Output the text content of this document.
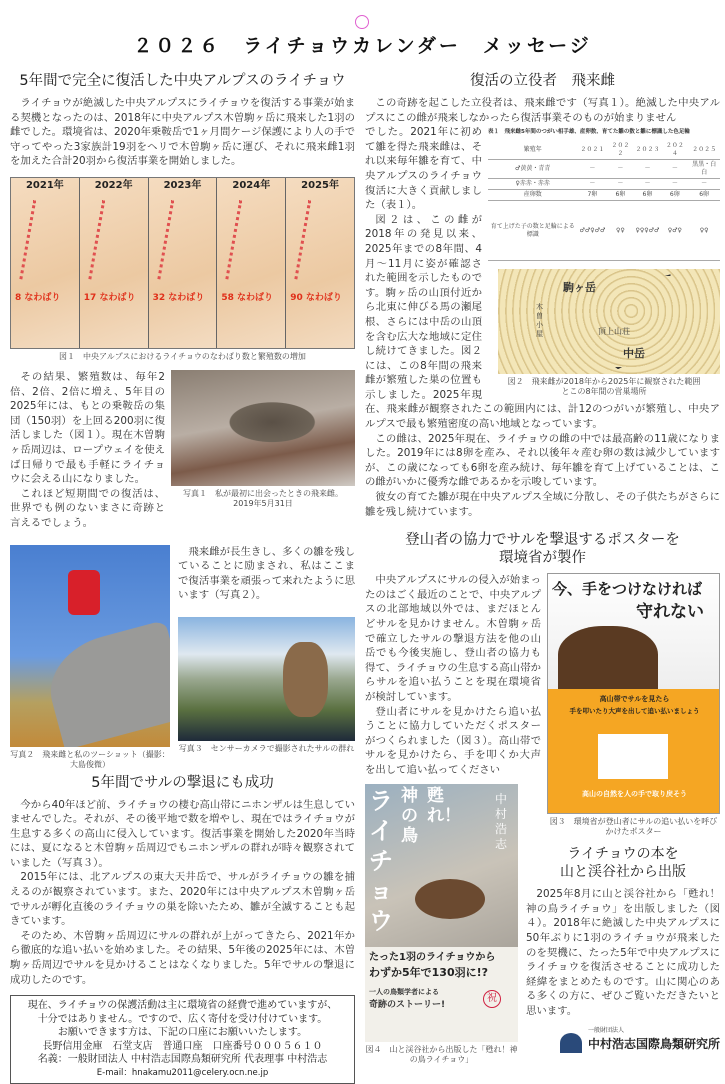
２０２６　ライチョウカレンダー　メッセージ
5年間で完全に復活した中央アルプスのライチョウ

ライチョウが絶滅した中央アルプスにライチョウを復活する事業が始まる契機となったのは、2018年に中央アルプス木曽駒ヶ岳に飛来した1羽の雌でした。環境省は、2020年乗鞍岳で1ヶ月間ケージ保護により人の手で守ってやった3家族計19羽をヘリで木曽駒ヶ岳に運び、それに飛来雌1羽を加えた合計20羽から復活事業を開始しました。

2021年
8 なわばり
2022年
17 なわばり
2023年
32 なわばり
2024年
58 なわばり
2025年
90 なわばり
図１　中央アルプスにおけるライチョウのなわばり数と繁殖数の増加
写真１　私が最初に出会ったときの飛来雌。
2019年5月31日

その結果、繁殖数は、毎年2倍、2倍、2倍に増え、5年目の2025年には、もとの乗鞍岳の集団（150羽）を上回る200羽に復活しました（図１）。現在木曽駒ヶ岳周辺は、ロープウェイを使えば日帰りで最も手軽にライチョウに会える山になりました。

これほど短期間での復活は、世界でも例のないまさに奇跡と言えるでしょう。

写真２　飛来雌と私のツーショット（撮影：大島俊微）

飛来雌が長生きし、多くの雛を残していることに励まされ、私はここまで復活事業を頑張って来れたように思います（写真２）。

写真３　センサーカメラで撮影されたサルの群れ
5年間でサルの撃退にも成功

今から40年ほど前、ライチョウの棲む高山帯にニホンザルは生息していませんでした。それが、その後平地で数を増やし、現在ではライチョウが生息する多くの高山に侵入しています。復活事業を開始した2020年当時には、夏になると木曽駒ヶ岳周辺でもニホンザルの群れが時々観察されていました（写真３）。

2015年には、北アルプスの東大天井岳で、サルがライチョウの雛を捕えるのが観察されています。また、2020年には中央アルプス木曽駒ヶ岳でサルが孵化直後のライチョウの巣を除いたため、雛が全滅することも起きています。

そのため、木曽駒ヶ岳周辺にサルの群れが上がってきたら、2021年から徹底的な追い払いを始めました。その結果、5年後の2025年には、木曽駒ヶ岳周辺でサルを見かけることはなくなりました。5年でサルの撃退に成功したのです。

現在、ライチョウの保護活動は主に環境省の経費で進めていますが、
十分ではありません。ですので、広く寄付を受け付けています。
お願いできます方は、下記の口座にお願いいたします。
長野信用金庫　石堂支店　普通口座　口座番号０００５６１０
名義：一般財団法人 中村浩志国際鳥類研究所 代表理事 中村浩志
E-mail：hnakamu2011@celery.ocn.ne.jp
復活の立役者　飛来雌

この奇跡を起こした立役者は、飛来雌です（写真１）。絶滅した中央アルプスにこの雌が飛来しなかったら復活事業そのものが始まりません

表１　飛来雌5年間のつがい相手雄、産卵数、育てた雛の数と雛に標識した色足輪
繁殖年	２０２１	２０２２	２０２３	２０２４	２０２５
♂黄黄・青青	－	－	－	－	黒黒・白白
♀赤赤・赤赤	－	－	－	－	－
産卵数	7卵	6卵	6卵	6卵	6卵
育て上げた子の数と足輪による標識	♂♂♀♂♂	♀♀	♀♀♀♂♂	♀♂♀	♀♀
駒ヶ岳
木曽小屋	頂上山荘
中岳
図２　飛来雌が2018年から2025年に観察された範囲とこの8年間の営巣場所

でした。2021年に初めて雛を得た飛来雌は、それ以来毎年雛を育て、中央アルプスのライチョウ復活に大きく貢献しました（表１）。

図２は、この雌が2018年の発見以来、2025年までの8年間、4月～11月に姿が確認された範囲を示したものです。駒ヶ岳の山頂付近から北東に伸びる馬の瀬尾根、さらには中岳の山頂を含む広大な地域に定住し続けてきました。図２には、この8年間の飛来雌が繁殖した巣の位置も示しました。2025年現在、飛来雌が観察されたこの範囲内には、計12のつがいが繁殖し、中央アルプスで最も繁殖密度の高い地域となっています。

この雌は、2025年現在、ライチョウの雌の中では最高齢の11歳になりました。2019年には8卵を産み、それ以後年々産む卵の数は減少していますが、この歳になっても6卵を産み続け、毎年雛を育て上げていることは、この雌がいかに優秀な雌であるかを示唆しています。

彼女の育てた雛が現在中央アルプス全域に分散し、その子供たちがさらに雛を残し続けています。

登山者の協力でサルを撃退するポスターを
環境省が製作
今、手をつけなければ
守れない
高山帯でサルを見たら
手を叩いたり大声を出して追い払いましょう
高山の自然を人の手で取り戻そう
図３　環境省が登山者にサルの追い払いを呼びかけたポスター

中央アルプスにサルの侵入が始まったのはごく最近のことで、中央アルプスの北部地域以外では、まだほとんどサルを見かけません。木曽駒ヶ岳で確立したサルの撃退方法を他の山岳でも今後実施し、登山者の協力も得て、ライチョウの生息する高山帯からサルを追い払うことを現在環境省が検討しています。

登山者にサルを見かけたら追い払うことに協力していただくポスターがつくられました（図３）。高山帯でサルを見かけたら、手を叩くか大声を出して追い払ってください

ライチョウ
神の鳥
甦れ！
中村浩志
たった1羽のライチョウから
わずか5年で130羽に!?
一人の鳥類学者による
奇跡のストーリー!
祝
図４　山と渓谷社から出版した「甦れ！神の鳥ライチョウ」
ライチョウの本を
山と渓谷社から出版

2025年8月に山と渓谷社から「甦れ！神の鳥ライチョウ」を出版しました（図４）。2018年に絶滅した中央アルプスに50年ぶりに1羽のライチョウが飛来したのを契機に、たった5年で中央アルプスにライチョウを復活させることに成功した経緯をまとめたものです。山に関心のある多くの方に、ぜひご覧いただきたいと思います。

一般財団法人
中村浩志国際鳥類研究所
